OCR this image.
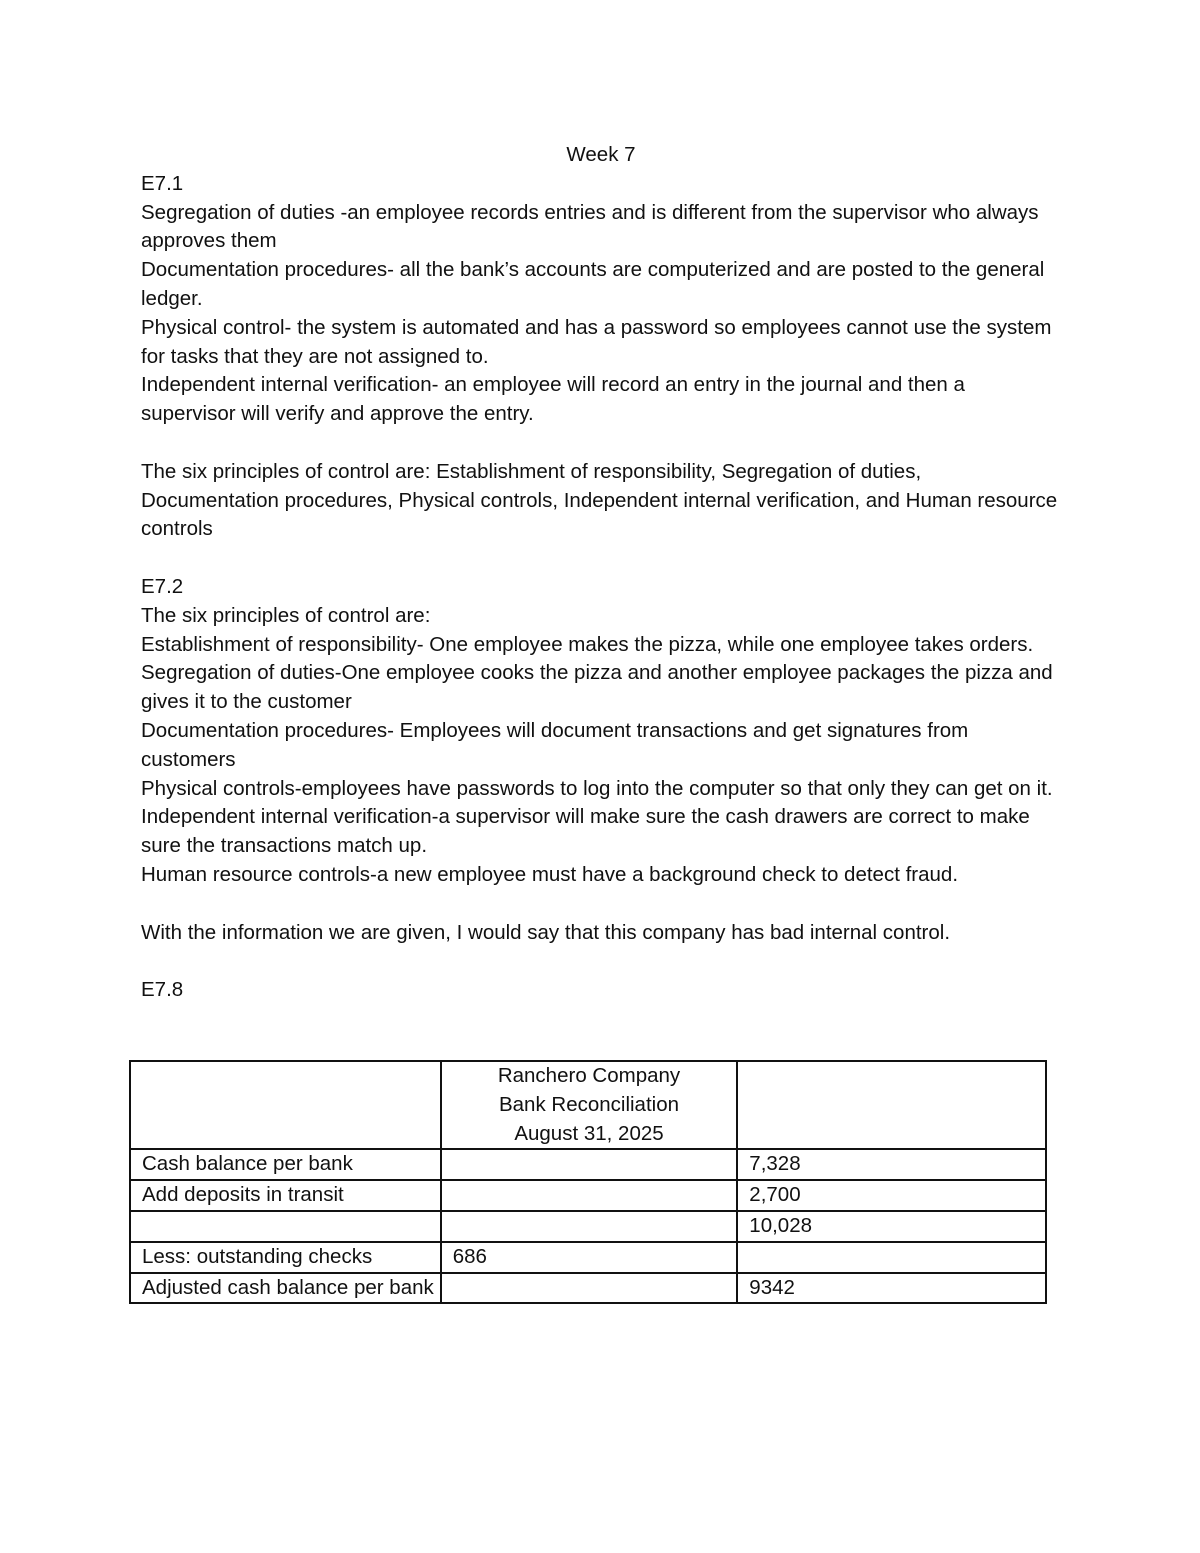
Week 7

E7.1

Segregation of duties -an employee records entries and is different from the supervisor who always approves them

Documentation procedures- all the bank’s accounts are computerized and are posted to the general ledger.

Physical control- the system is automated and has a password so employees cannot use the system for tasks that they are not assigned to.

Independent internal verification- an employee will record an entry in the journal and then a supervisor will verify and approve the entry.

The six principles of control are: Establishment of responsibility, Segregation of duties, Documentation procedures, Physical controls, Independent internal verification, and Human resource controls

E7.2

The six principles of control are:

Establishment of responsibility- One employee makes the pizza, while one employee takes orders.

Segregation of duties-One employee cooks the pizza and another employee packages the pizza and gives it to the customer

Documentation procedures- Employees will document transactions and get signatures from customers

Physical controls-employees have passwords to log into the computer so that only they can get on it.

Independent internal verification-a supervisor will make sure the cash drawers are correct to make sure the transactions match up.

Human resource controls-a new employee must have a background check to detect fraud.

With the information we are given, I would say that this company has bad internal control.

E7.8

	Ranchero Company
Bank Reconciliation
August 31, 2025	

Cash balance per bank		7,328
Add deposits in transit		2,700
		10,028
Less: outstanding checks	686	
Adjusted cash balance per bank		9342
